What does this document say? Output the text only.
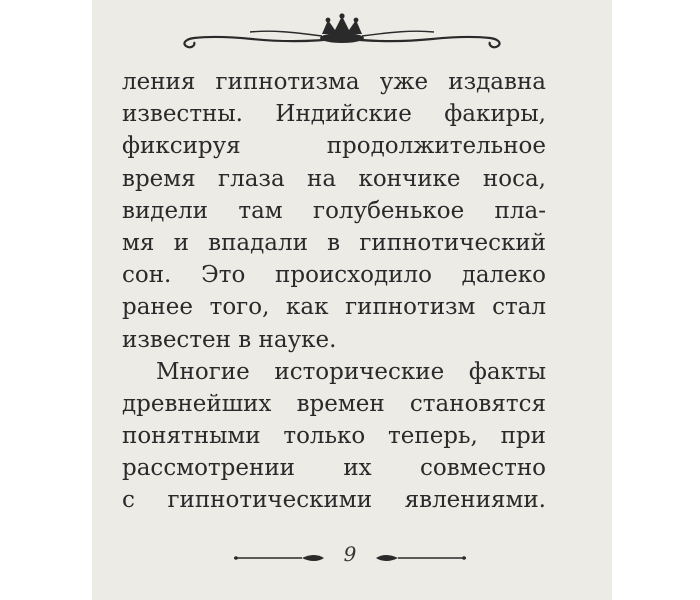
ления гипнотизма уже издавна
известны. Индийские факиры,
фиксируя продолжительное
время глаза на кончике носа,
видели там голубенькое пла-
мя и впадали в гипнотический
сон. Это происходило далеко
ранее того, как гипнотизм стал
известен в науке.
Многие исторические факты
древнейших времен становятся
понятными только теперь, при
рассмотрении их совместно
с гипнотическими явлениями.
9
